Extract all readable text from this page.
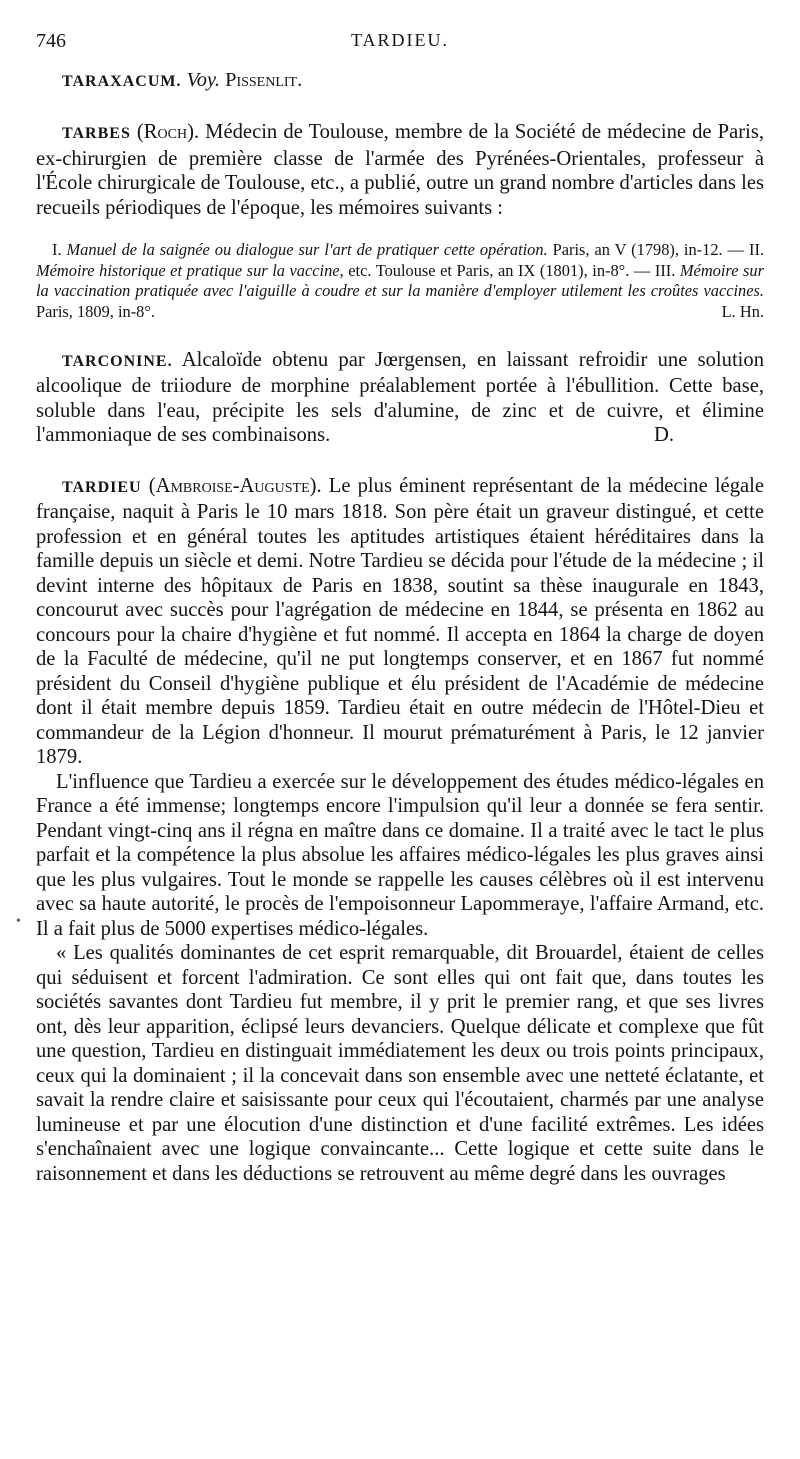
746	TARDIEU.

TARAXACUM. Voy. Pissenlit.

TARBES (Roch). Médecin de Toulouse, membre de la Société de médecine de Paris, ex-chirurgien de première classe de l'armée des Pyrénées-Orientales, professeur à l'École chirurgicale de Toulouse, etc., a publié, outre un grand nombre d'articles dans les recueils périodiques de l'époque, les mémoires suivants :

I. Manuel de la saignée ou dialogue sur l'art de pratiquer cette opération. Paris, an V (1798), in-12. — II. Mémoire historique et pratique sur la vaccine, etc. Toulouse et Paris, an IX (1801), in-8°. — III. Mémoire sur la vaccination pratiquée avec l'aiguille à coudre et sur la manière d'employer utilement les croûtes vaccines. Paris, 1809, in-8°.	L. Hn.

TARCONINE. Alcaloïde obtenu par Jœrgensen, en laissant refroidir une solution alcoolique de triiodure de morphine préalablement portée à l'ébullition. Cette base, soluble dans l'eau, précipite les sels d'alumine, de zinc et de cuivre, et élimine l'ammoniaque de ses combinaisons.	D.

TARDIEU (Ambroise-Auguste). Le plus éminent représentant de la médecine légale française, naquit à Paris le 10 mars 1818. Son père était un graveur distingué, et cette profession et en général toutes les aptitudes artistiques étaient héréditaires dans la famille depuis un siècle et demi. Notre Tardieu se décida pour l'étude de la médecine ; il devint interne des hôpitaux de Paris en 1838, soutint sa thèse inaugurale en 1843, concourut avec succès pour l'agrégation de médecine en 1844, se présenta en 1862 au concours pour la chaire d'hygiène et fut nommé. Il accepta en 1864 la charge de doyen de la Faculté de médecine, qu'il ne put longtemps conserver, et en 1867 fut nommé président du Conseil d'hygiène publique et élu président de l'Académie de médecine dont il était membre depuis 1859. Tardieu était en outre médecin de l'Hôtel-Dieu et commandeur de la Légion d'honneur. Il mourut prématurément à Paris, le 12 janvier 1879.

L'influence que Tardieu a exercée sur le développement des études médico-légales en France a été immense; longtemps encore l'impulsion qu'il leur a donnée se fera sentir. Pendant vingt-cinq ans il régna en maître dans ce domaine. Il a traité avec le tact le plus parfait et la compétence la plus absolue les affaires médico-légales les plus graves ainsi que les plus vulgaires. Tout le monde se rappelle les causes célèbres où il est intervenu avec sa haute autorité, le procès de l'empoisonneur Lapommeraye, l'affaire Armand, etc. Il a fait plus de 5000 expertises médico-légales.

« Les qualités dominantes de cet esprit remarquable, dit Brouardel, étaient de celles qui séduisent et forcent l'admiration. Ce sont elles qui ont fait que, dans toutes les sociétés savantes dont Tardieu fut membre, il y prit le premier rang, et que ses livres ont, dès leur apparition, éclipsé leurs devanciers. Quelque délicate et complexe que fût une question, Tardieu en distinguait immédiatement les deux ou trois points principaux, ceux qui la dominaient ; il la concevait dans son ensemble avec une netteté éclatante, et savait la rendre claire et saisissante pour ceux qui l'écoutaient, charmés par une analyse lumineuse et par une élocution d'une distinction et d'une facilité extrêmes. Les idées s'enchaînaient avec une logique convaincante... Cette logique et cette suite dans le raisonnement et dans les déductions se retrouvent au même degré dans les ouvrages

•
